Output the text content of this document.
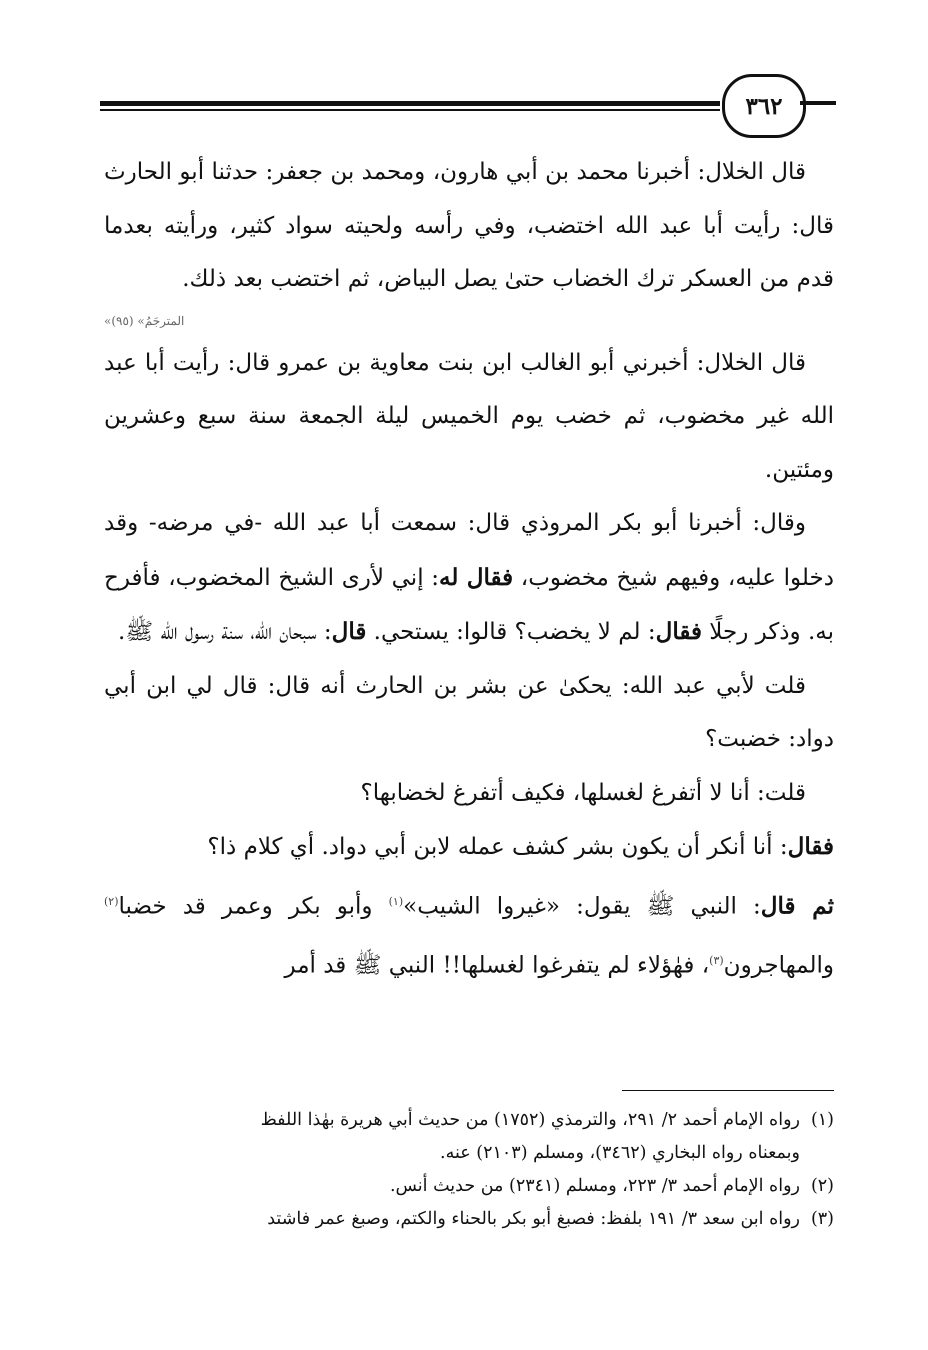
٣٦٢

قال الخلال: أخبرنا محمد بن أبي هارون، ومحمد بن جعفر: حدثنا أبو الحارث قال: رأيت أبا عبد الله اختضب، وفي رأسه ولحيته سواد كثير، ورأيته بعدما قدم من العسكر ترك الخضاب حتىٰ يصل البياض، ثم اختضب بعد ذلك.

«المترجَمُ» (٩٥)

قال الخلال: أخبرني أبو الغالب ابن بنت معاوية بن عمرو قال: رأيت أبا عبد الله غير مخضوب، ثم خضب يوم الخميس ليلة الجمعة سنة سبع وعشرين ومئتين.

وقال: أخبرنا أبو بكر المروذي قال: سمعت أبا عبد الله -في مرضه- وقد دخلوا عليه، وفيهم شيخ مخضوب، فقال له: إني لأرى الشيخ المخضوب، فأفرح به. وذكر رجلًا فقال: لم لا يخضب؟ قالوا: يستحي. قال: سبحان الله، سنة رسول الله ﷺ.

قلت لأبي عبد الله: يحكىٰ عن بشر بن الحارث أنه قال: قال لي ابن أبي دواد: خضبت؟

قلت: أنا لا أتفرغ لغسلها، فكيف أتفرغ لخضابها؟

فقال: أنا أنكر أن يكون بشر كشف عمله لابن أبي دواد. أي كلام ذا؟

ثم قال: النبي ﷺ يقول: «غيروا الشيب»$^{(١)}$ وأبو بكر وعمر قد خضبا$^{(٢)}$ والمهاجرون$^{(٣)}$، فهٰؤلاء لم يتفرغوا لغسلها!! النبي ﷺ قد أمر

(١)رواه الإمام أحمد ٢/ ٢٩١، والترمذي (١٧٥٢) من حديث أبي هريرة بهٰذا اللفظ

وبمعناه رواه البخاري (٣٤٦٢)، ومسلم (٢١٠٣) عنه.

(٢)رواه الإمام أحمد ٣/ ٢٢٣، ومسلم (٢٣٤١) من حديث أنس.

(٣)رواه ابن سعد ٣/ ١٩١ بلفظ: فصبغ أبو بكر بالحناء والكتم، وصبغ عمر فاشتد
